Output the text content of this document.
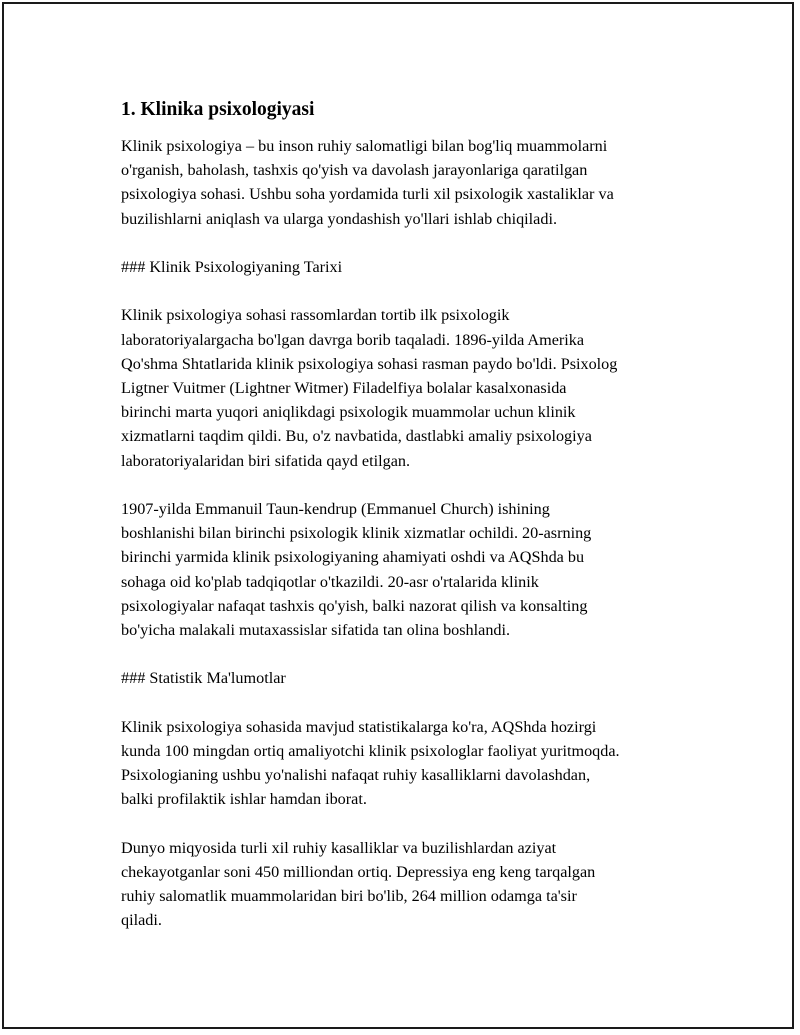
1. Klinika psixologiyasi

Klinik psixologiya – bu inson ruhiy salomatligi bilan bog'liq muammolarni
o'rganish, baholash, tashxis qo'yish va davolash jarayonlariga qaratilgan
psixologiya sohasi. Ushbu soha yordamida turli xil psixologik xastaliklar va
buzilishlarni aniqlash va ularga yondashish yo'llari ishlab chiqiladi.

### Klinik Psixologiyaning Tarixi

Klinik psixologiya sohasi rassomlardan tortib ilk psixologik
laboratoriyalargacha bo'lgan davrga borib taqaladi. 1896-yilda Amerika
Qo'shma Shtatlarida klinik psixologiya sohasi rasman paydo bo'ldi. Psixolog
Ligtner Vuitmer (Lightner Witmer) Filadelfiya bolalar kasalxonasida
birinchi marta yuqori aniqlikdagi psixologik muammolar uchun klinik
xizmatlarni taqdim qildi. Bu, o'z navbatida, dastlabki amaliy psixologiya
laboratoriyalaridan biri sifatida qayd etilgan.

1907-yilda Emmanuil Taun-kendrup (Emmanuel Church) ishining
boshlanishi bilan birinchi psixologik klinik xizmatlar ochildi. 20-asrning
birinchi yarmida klinik psixologiyaning ahamiyati oshdi va AQShda bu
sohaga oid ko'plab tadqiqotlar o'tkazildi. 20-asr o'rtalarida klinik
psixologiyalar nafaqat tashxis qo'yish, balki nazorat qilish va konsalting
bo'yicha malakali mutaxassislar sifatida tan olina boshlandi.

### Statistik Ma'lumotlar

Klinik psixologiya sohasida mavjud statistikalarga ko'ra, AQShda hozirgi
kunda 100 mingdan ortiq amaliyotchi klinik psixologlar faoliyat yuritmoqda.
Psixologianing ushbu yo'nalishi nafaqat ruhiy kasalliklarni davolashdan,
balki profilaktik ishlar hamdan iborat.

Dunyo miqyosida turli xil ruhiy kasalliklar va buzilishlardan aziyat
chekayotganlar soni 450 milliondan ortiq. Depressiya eng keng tarqalgan
ruhiy salomatlik muammolaridan biri bo'lib, 264 million odamga ta'sir
qiladi.
